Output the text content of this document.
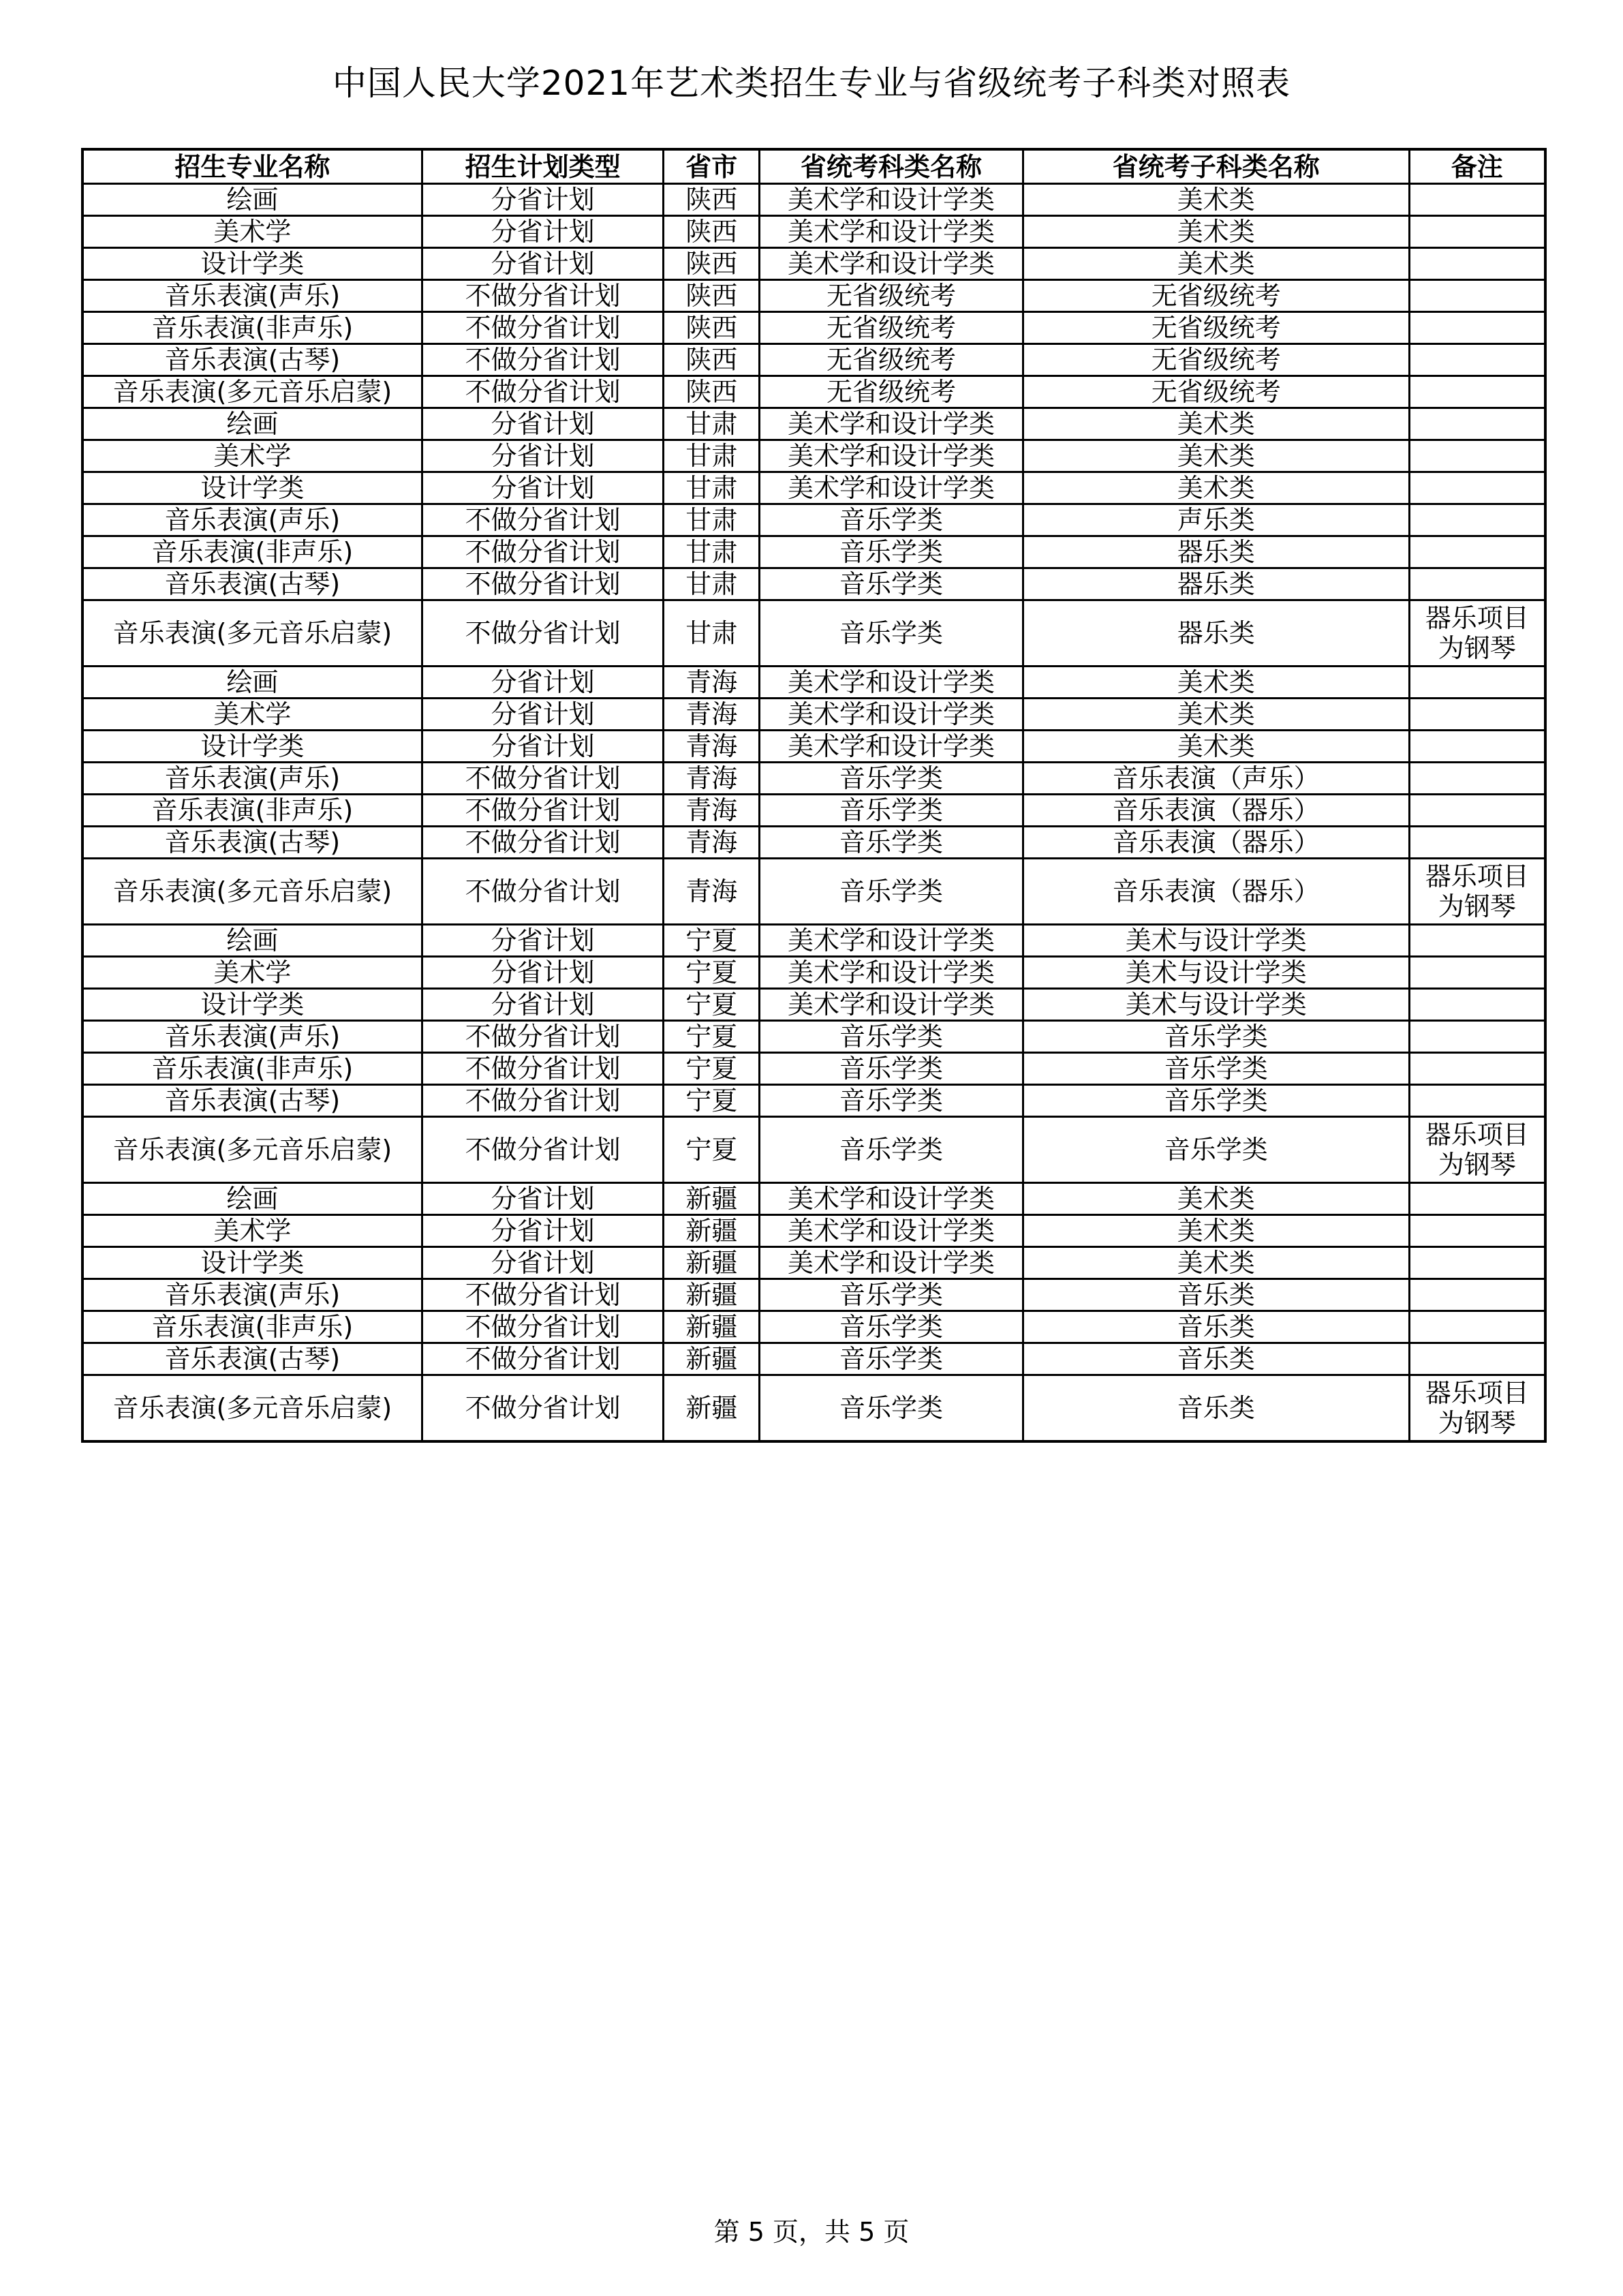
中国人民大学2021年艺术类招生专业与省级统考子科类对照表
招生专业名称	招生计划类型	省市	省统考科类名称	省统考子科类名称	备注
绘画	分省计划	陕西	美术学和设计学类	美术类	
美术学	分省计划	陕西	美术学和设计学类	美术类	
设计学类	分省计划	陕西	美术学和设计学类	美术类	
音乐表演(声乐)	不做分省计划	陕西	无省级统考	无省级统考	
音乐表演(非声乐)	不做分省计划	陕西	无省级统考	无省级统考	
音乐表演(古琴)	不做分省计划	陕西	无省级统考	无省级统考	
音乐表演(多元音乐启蒙)	不做分省计划	陕西	无省级统考	无省级统考	
绘画	分省计划	甘肃	美术学和设计学类	美术类	
美术学	分省计划	甘肃	美术学和设计学类	美术类	
设计学类	分省计划	甘肃	美术学和设计学类	美术类	
音乐表演(声乐)	不做分省计划	甘肃	音乐学类	声乐类	
音乐表演(非声乐)	不做分省计划	甘肃	音乐学类	器乐类	
音乐表演(古琴)	不做分省计划	甘肃	音乐学类	器乐类	
音乐表演(多元音乐启蒙)	不做分省计划	甘肃	音乐学类	器乐类	器乐项目
为钢琴
绘画	分省计划	青海	美术学和设计学类	美术类	
美术学	分省计划	青海	美术学和设计学类	美术类	
设计学类	分省计划	青海	美术学和设计学类	美术类	
音乐表演(声乐)	不做分省计划	青海	音乐学类	音乐表演（声乐）	
音乐表演(非声乐)	不做分省计划	青海	音乐学类	音乐表演（器乐）	
音乐表演(古琴)	不做分省计划	青海	音乐学类	音乐表演（器乐）	
音乐表演(多元音乐启蒙)	不做分省计划	青海	音乐学类	音乐表演（器乐）	器乐项目
为钢琴
绘画	分省计划	宁夏	美术学和设计学类	美术与设计学类	
美术学	分省计划	宁夏	美术学和设计学类	美术与设计学类	
设计学类	分省计划	宁夏	美术学和设计学类	美术与设计学类	
音乐表演(声乐)	不做分省计划	宁夏	音乐学类	音乐学类	
音乐表演(非声乐)	不做分省计划	宁夏	音乐学类	音乐学类	
音乐表演(古琴)	不做分省计划	宁夏	音乐学类	音乐学类	
音乐表演(多元音乐启蒙)	不做分省计划	宁夏	音乐学类	音乐学类	器乐项目
为钢琴
绘画	分省计划	新疆	美术学和设计学类	美术类	
美术学	分省计划	新疆	美术学和设计学类	美术类	
设计学类	分省计划	新疆	美术学和设计学类	美术类	
音乐表演(声乐)	不做分省计划	新疆	音乐学类	音乐类	
音乐表演(非声乐)	不做分省计划	新疆	音乐学类	音乐类	
音乐表演(古琴)	不做分省计划	新疆	音乐学类	音乐类	
音乐表演(多元音乐启蒙)	不做分省计划	新疆	音乐学类	音乐类	器乐项目
为钢琴
第 5 页，共 5 页
